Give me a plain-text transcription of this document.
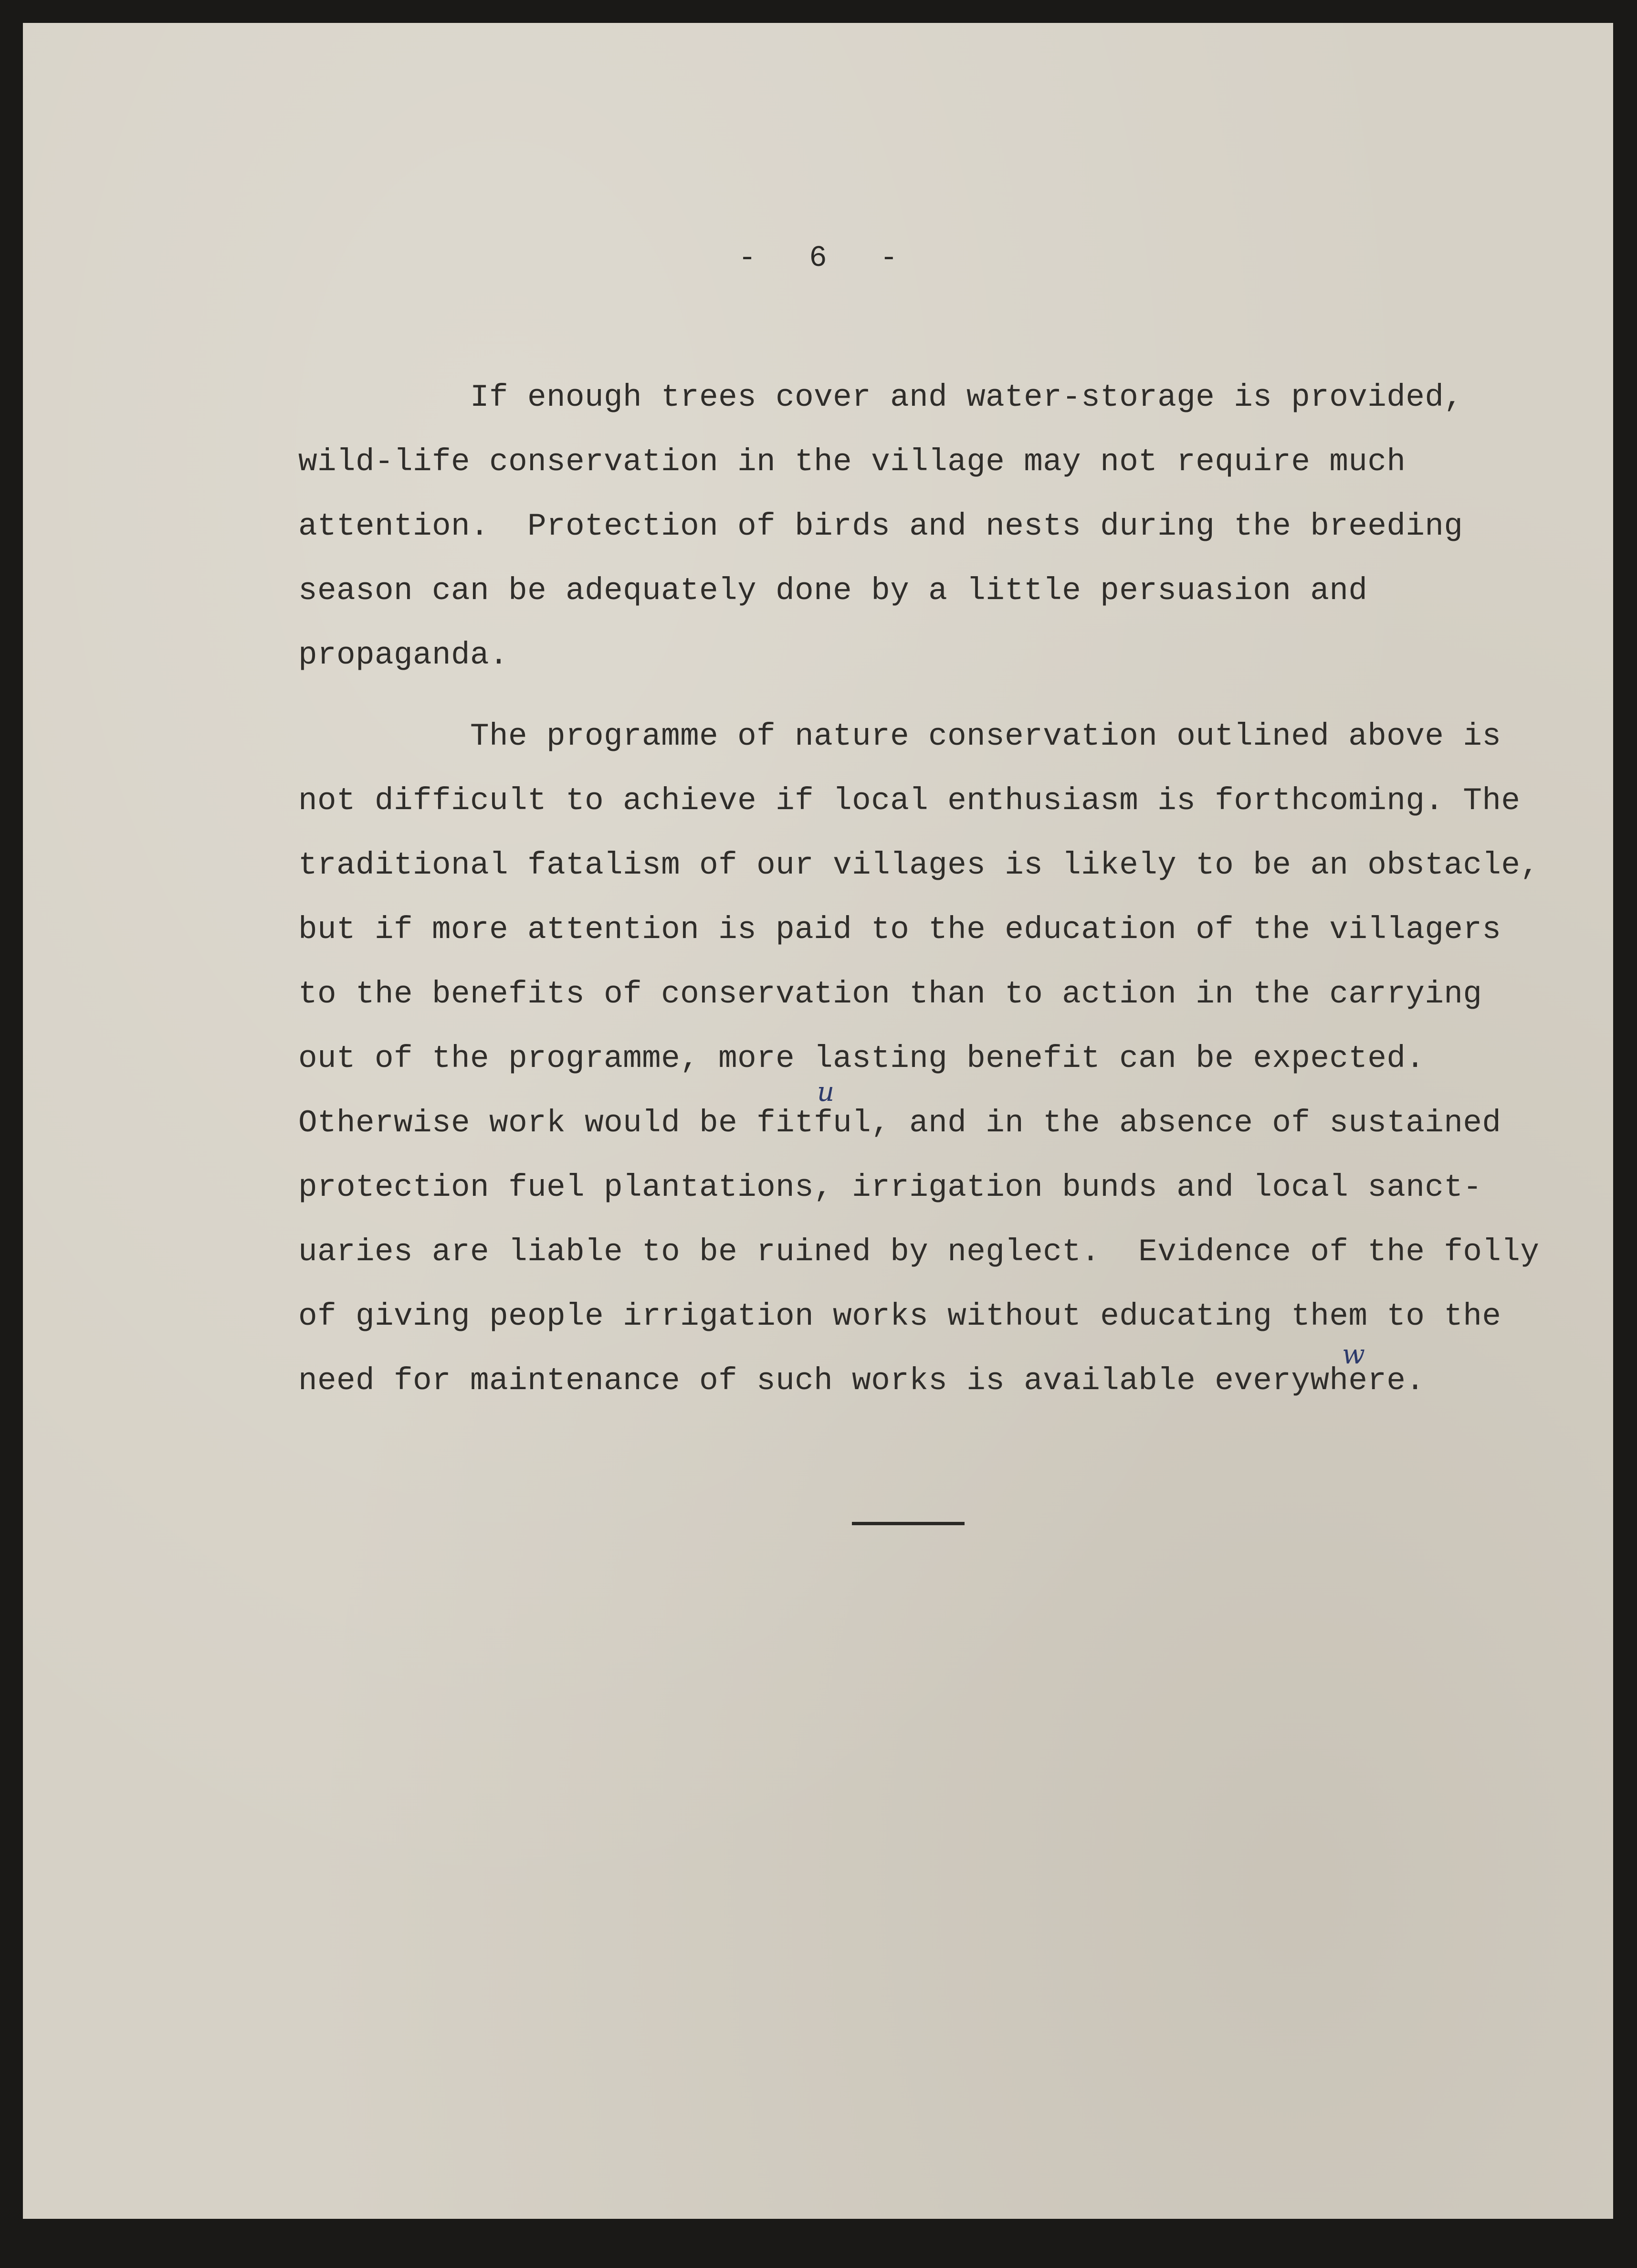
- 6 -
If enough trees cover and water-storage is provided,
wild-life conservation in the village may not require much
attention.  Protection of birds and nests during the breeding
season can be adequately done by a little persuasion and
propaganda.
The programme of nature conservation outlined above is
not difficult to achieve if local enthusiasm is forthcoming. The
traditional fatalism of our villages is likely to be an obstacle,
but if more attention is paid to the education of the villagers
to the benefits of conservation than to action in the carrying
out of the programme, more lasting benefit can be expected.
Otherwise work would be fitful, and in the absence of sustained
protection fuel plantations, irrigation bunds and local sanct-
uaries are liable to be ruined by neglect.  Evidence of the folly
of giving people irrigation works without educating them to the
need for maintenance of such works is available everywhere.
u
w
